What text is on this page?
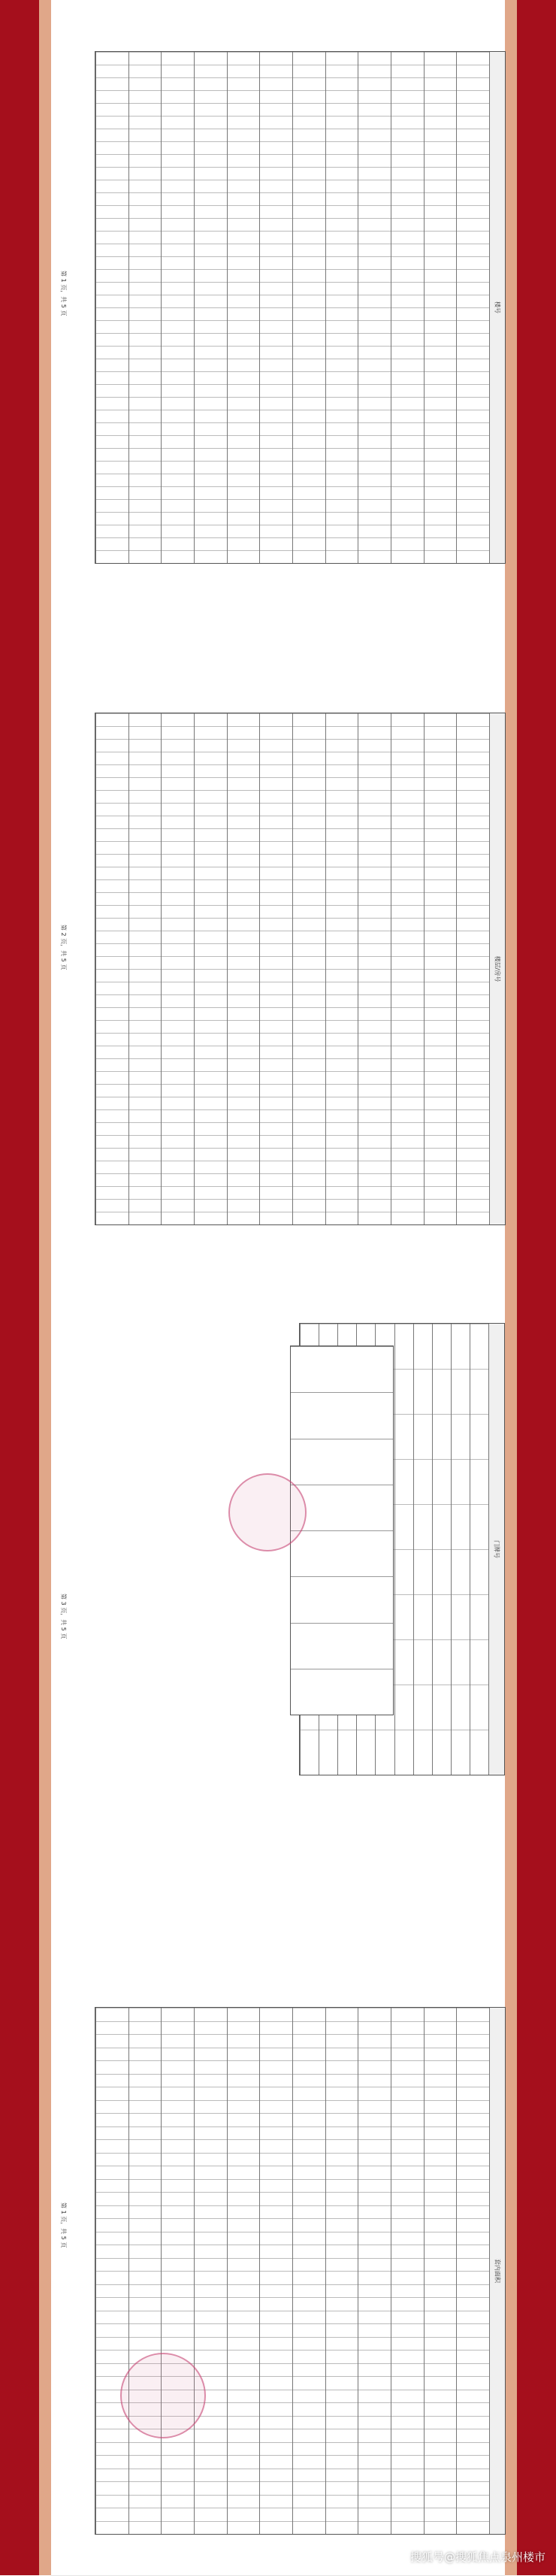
第 1 页，共 5 页	楼号
第 2 页，共 5 页	楼层/房号
第 3 页，共 5 页
门牌号
第 1 页，共 5 页
套内面积
搜狐号@搜狐焦点泉州楼市
